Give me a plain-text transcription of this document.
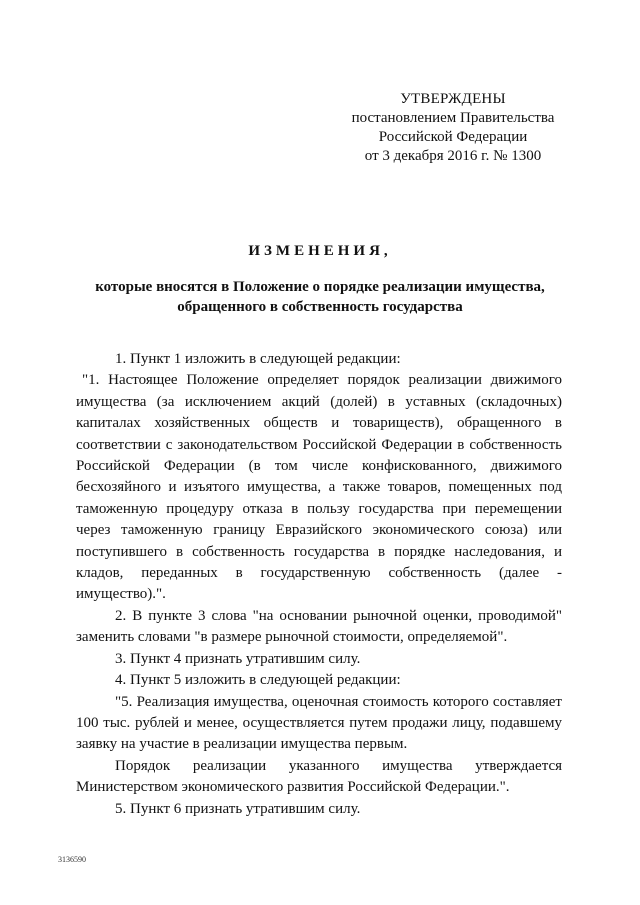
УТВЕРЖДЕНЫ
постановлением Правительства
Российской Федерации
от 3 декабря 2016 г. № 1300
ИЗМЕНЕНИЯ,
которые вносятся в Положение о порядке реализации имущества,
обращенного в собственность государства

1. Пункт 1 изложить в следующей редакции:

"1. Настоящее Положение определяет порядок реализации движимого имущества (за исключением акций (долей) в уставных (складочных) капиталах хозяйственных обществ и товариществ), обращенного в соответствии с законодательством Российской Федерации в собственность Российской Федерации (в том числе конфискованного, движимого бесхозяйного и изъятого имущества, а также товаров, помещенных под таможенную процедуру отказа в пользу государства при перемещении через таможенную границу Евразийского экономического союза) или поступившего в собственность государства в порядке наследования, и кладов, переданных в государственную собственность (далее - имущество).".

2. В пункте 3 слова "на основании рыночной оценки, проводимой" заменить словами "в размере рыночной стоимости, определяемой".

3. Пункт 4 признать утратившим силу.

4. Пункт 5 изложить в следующей редакции:

"5. Реализация имущества, оценочная стоимость которого составляет 100 тыс. рублей и менее, осуществляется путем продажи лицу, подавшему заявку на участие в реализации имущества первым.

Порядок реализации указанного имущества утверждается Министерством экономического развития Российской Федерации.".

5. Пункт 6 признать утратившим силу.

3136590
